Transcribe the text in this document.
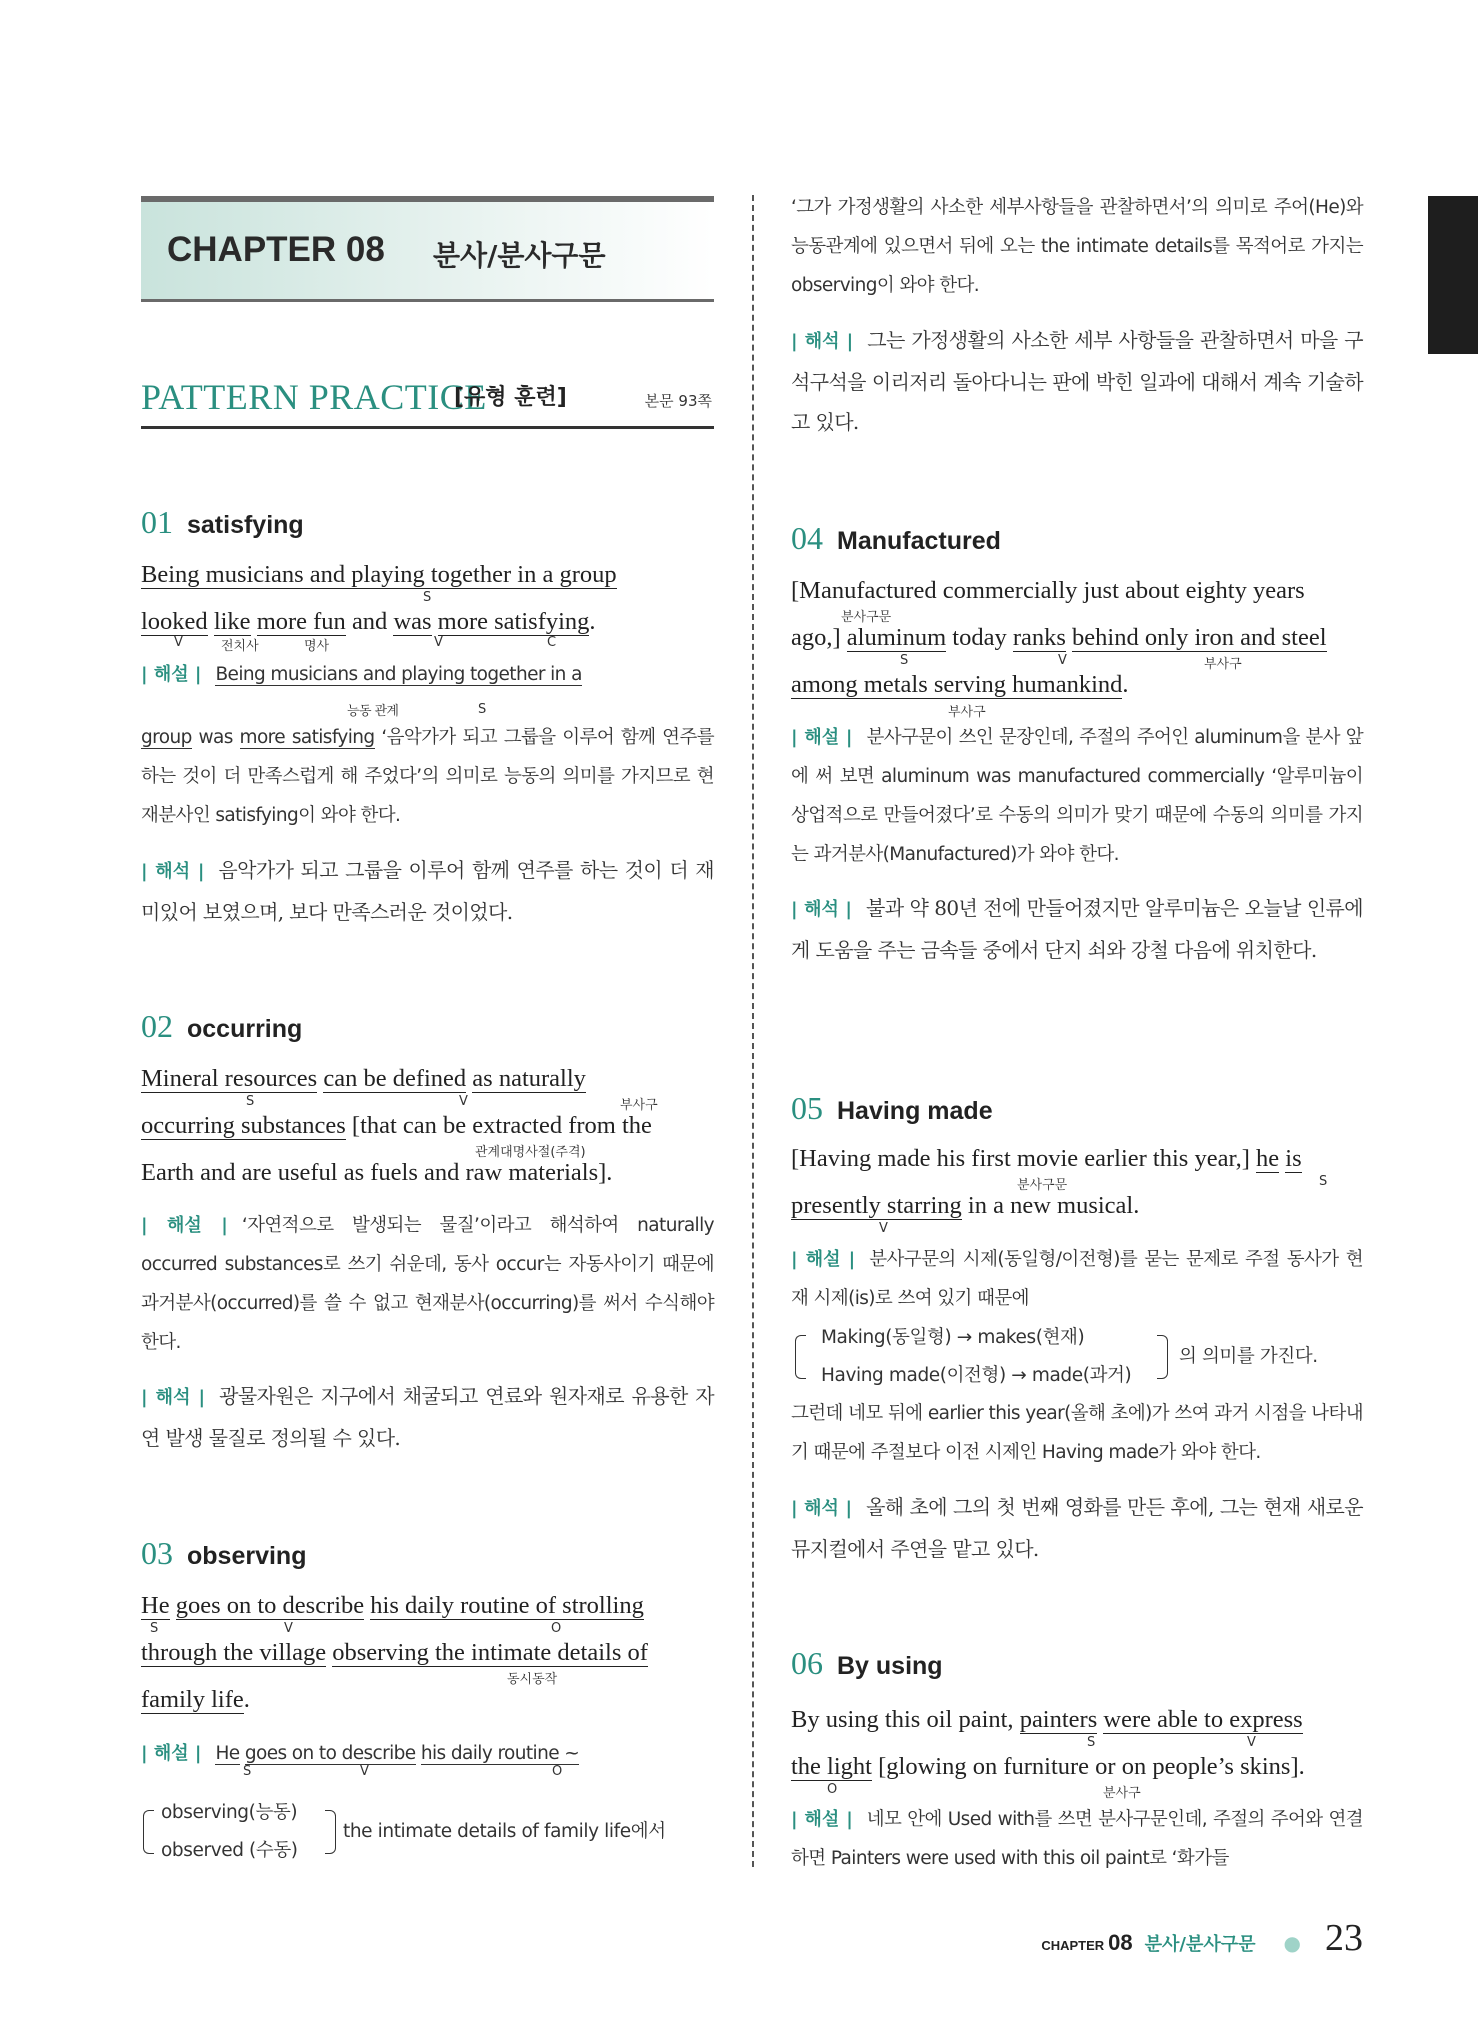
CHAPTER 08 분사/분사구문
PATTERN PRACTICE
[유형 훈련]	본문 93쪽
01 satisfying
Being musicians and playing together in a group
looked like more fun and was more satisfying.
S
V	전치사	명사	V	C
| 해설 | Being musicians and playing together in a
능동 관계	S
group was more satisfying ‘음악가가 되고 그룹을 이루어 함께 연주를 하는 것이 더 만족스럽게 해 주었다’의 의미로 능동의 의미를 가지므로 현재분사인 satisfying이 와야 한다.
| 해석 | 음악가가 되고 그룹을 이루어 함께 연주를 하는 것이 더 재미있어 보였으며, 보다 만족스러운 것이었다.
02 occurring
Mineral resources can be defined as naturally
occurring substances [that can be extracted from the
Earth and are useful as fuels and raw materials].
S	V	부사구
관계대명사절(주격)
| 해설 | ‘자연적으로 발생되는 물질’이라고 해석하여 naturally occurred substances로 쓰기 쉬운데, 동사 occur는 자동사이기 때문에 과거분사(occurred)를 쓸 수 없고 현재분사(occurring)를 써서 수식해야 한다.
| 해석 | 광물자원은 지구에서 채굴되고 연료와 원자재로 유용한 자연 발생 물질로 정의될 수 있다.
03 observing
He goes on to describe his daily routine of strolling
through the village observing the intimate details of
family life.
S	V	O
동시동작
| 해설 | He goes on to describe his daily routine ~
S	V	O
observing(능동)
observed (수동)
the intimate details of family life에서
‘그가 가정생활의 사소한 세부사항들을 관찰하면서’의 의미로 주어(He)와 능동관계에 있으면서 뒤에 오는 the intimate details를 목적어로 가지는 observing이 와야 한다.
| 해석 | 그는 가정생활의 사소한 세부 사항들을 관찰하면서 마을 구석구석을 이리저리 돌아다니는 판에 박힌 일과에 대해서 계속 기술하고 있다.
04 Manufactured
[Manufactured commercially just about eighty years
ago,] aluminum today ranks behind only iron and steel
among metals serving humankind.
분사구문
S	V	부사구
부사구
| 해설 | 분사구문이 쓰인 문장인데, 주절의 주어인 aluminum을 분사 앞에 써 보면 aluminum was manufactured commercially ‘알루미늄이 상업적으로 만들어졌다’로 수동의 의미가 맞기 때문에 수동의 의미를 가지는 과거분사(Manufactured)가 와야 한다.
| 해석 | 불과 약 80년 전에 만들어졌지만 알루미늄은 오늘날 인류에게 도움을 주는 금속들 중에서 단지 쇠와 강철 다음에 위치한다.
05 Having made
[Having made his first movie earlier this year,] he is
presently starring in a new musical.
분사구문	S
V
| 해설 | 분사구문의 시제(동일형/이전형)를 묻는 문제로 주절 동사가 현재 시제(is)로 쓰여 있기 때문에
Making(동일형) → makes(현재)
Having made(이전형) → made(과거)
의 의미를 가진다.
그런데 네모 뒤에 earlier this year(올해 초에)가 쓰여 과거 시점을 나타내기 때문에 주절보다 이전 시제인 Having made가 와야 한다.
| 해석 | 올해 초에 그의 첫 번째 영화를 만든 후에, 그는 현재 새로운 뮤지컬에서 주연을 맡고 있다.
06 By using
By using this oil paint, painters were able to express
the light [glowing on furniture or on people’s skins].
S	V
O	분사구
| 해설 | 네모 안에 Used with를 쓰면 분사구문인데, 주절의 주어와 연결하면 Painters were used with this oil paint로 ‘화가들
CHAPTER 08 분사/분사구문 ● 23
